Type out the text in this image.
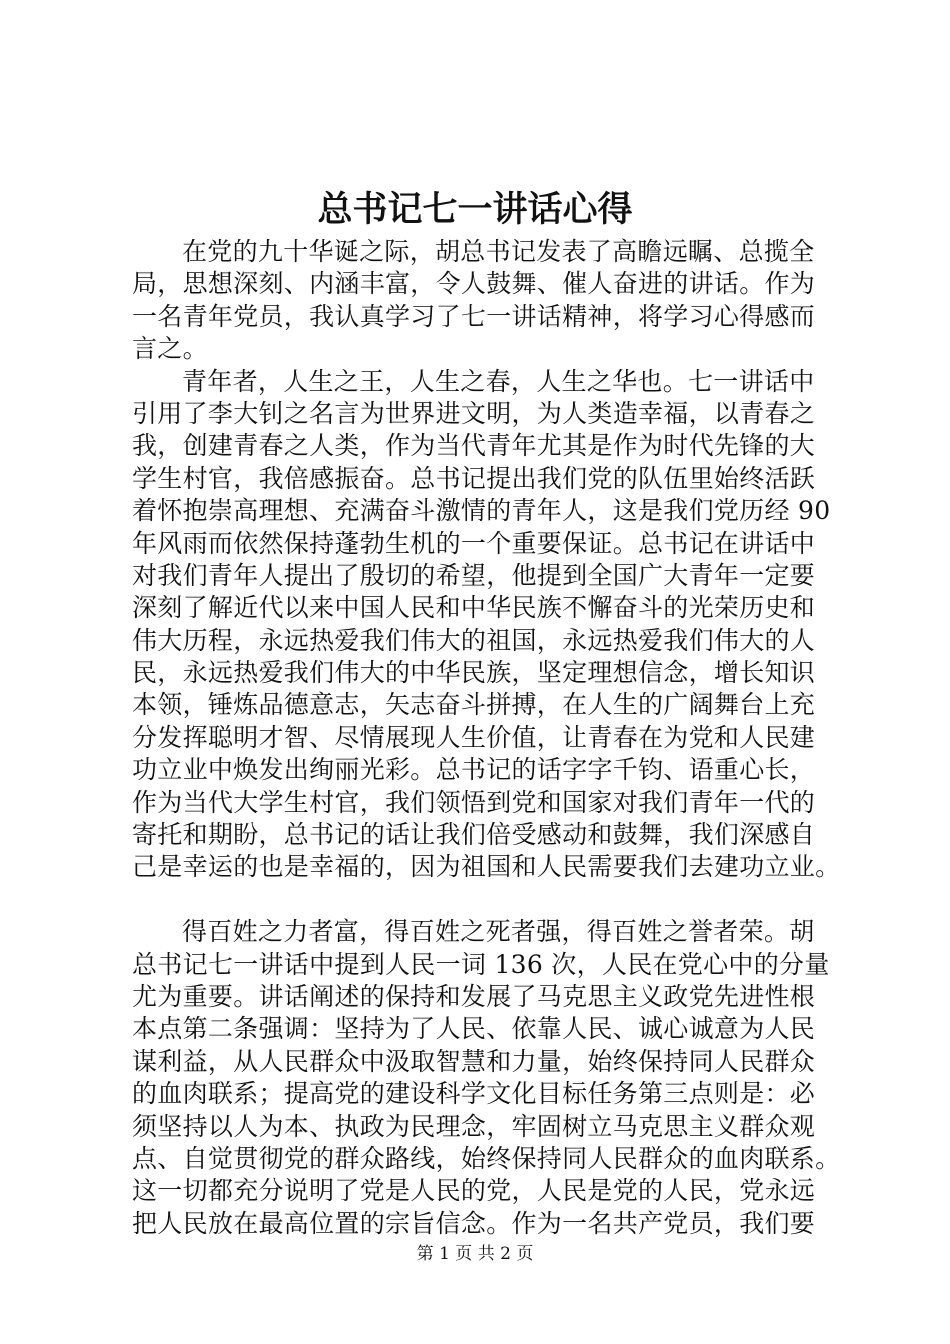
总书记七一讲话心得
在党的九十华诞之际，胡总书记发表了高瞻远瞩、总揽全
局，思想深刻、内涵丰富，令人鼓舞、催人奋进的讲话。作为
一名青年党员，我认真学习了七一讲话精神，将学习心得感而
言之。
青年者，人生之王，人生之春，人生之华也。七一讲话中
引用了李大钊之名言为世界进文明，为人类造幸福，以青春之
我，创建青春之人类，作为当代青年尤其是作为时代先锋的大
学生村官，我倍感振奋。总书记提出我们党的队伍里始终活跃
着怀抱崇高理想、充满奋斗激情的青年人，这是我们党历经 90
年风雨而依然保持蓬勃生机的一个重要保证。总书记在讲话中
对我们青年人提出了殷切的希望，他提到全国广大青年一定要
深刻了解近代以来中国人民和中华民族不懈奋斗的光荣历史和
伟大历程，永远热爱我们伟大的祖国，永远热爱我们伟大的人
民，永远热爱我们伟大的中华民族，坚定理想信念，增长知识
本领，锤炼品德意志，矢志奋斗拼搏，在人生的广阔舞台上充
分发挥聪明才智、尽情展现人生价值，让青春在为党和人民建
功立业中焕发出绚丽光彩。总书记的话字字千钧、语重心长，
作为当代大学生村官，我们领悟到党和国家对我们青年一代的
寄托和期盼，总书记的话让我们倍受感动和鼓舞，我们深感自
己是幸运的也是幸福的，因为祖国和人民需要我们去建功立业。
得百姓之力者富，得百姓之死者强，得百姓之誉者荣。胡
总书记七一讲话中提到人民一词 136 次，人民在党心中的分量
尤为重要。讲话阐述的保持和发展了马克思主义政党先进性根
本点第二条强调：坚持为了人民、依靠人民、诚心诚意为人民
谋利益，从人民群众中汲取智慧和力量，始终保持同人民群众
的血肉联系；提高党的建设科学文化目标任务第三点则是：必
须坚持以人为本、执政为民理念，牢固树立马克思主义群众观
点、自觉贯彻党的群众路线，始终保持同人民群众的血肉联系。
这一切都充分说明了党是人民的党，人民是党的人民，党永远
把人民放在最高位置的宗旨信念。作为一名共产党员，我们要
第 1 页 共 2 页
